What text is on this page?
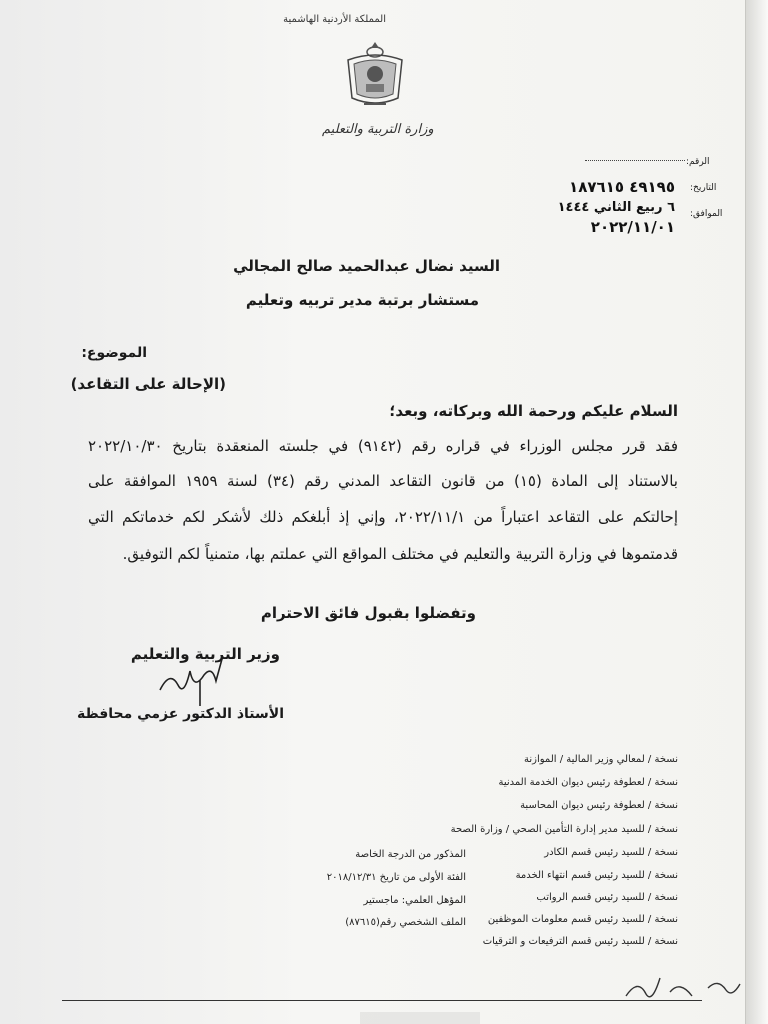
المملكة الأردنية الهاشمية
وزارة التربية والتعليم
الرقم:
التاريخ:
الموافق:
٤٩١٩٥ ١٨٧٦١٥
٦ ربيع الثاني ١٤٤٤
٢٠٢٢/١١/٠١
السيد نضال عبدالحميد صالح المجالي
مستشار برتبة مدير تربيه وتعليم
الموضوع:
(الإحالة على التقاعد)
السلام عليكم ورحمة الله وبركاته، وبعد؛
فقد قرر مجلس الوزراء في قراره رقم (٩١٤٢) في جلسته المنعقدة بتاريخ ٢٠٢٢/١٠/٣٠
بالاستناد إلى المادة (١٥) من قانون التقاعد المدني رقم (٣٤) لسنة ١٩٥٩ الموافقة على
إحالتكم على التقاعد اعتباراً من ٢٠٢٢/١١/١، وإني إذ أبلغكم ذلك لأشكر لكم خدماتكم التي
قدمتموها في وزارة التربية والتعليم في مختلف المواقع التي عملتم بها، متمنياً لكم التوفيق.
وتفضلوا بقبول فائق الاحترام
وزير التربية والتعليم
الأستاذ الدكتور عزمي محافظة
نسخة / لمعالي وزير المالية / الموازنة
نسخة / لعطوفة رئيس ديوان الخدمة المدنية
نسخة / لعطوفة رئيس ديوان المحاسبة
نسخة / للسيد مدير إدارة التأمين الصحي / وزارة الصحة
نسخة / للسيد رئيس قسم الكادر
نسخة / للسيد رئيس قسم انتهاء الخدمة
نسخة / للسيد رئيس قسم الرواتب
نسخة / للسيد رئيس قسم معلومات الموظفين
نسخة / للسيد رئيس قسم الترفيعات و الترقيات
المذكور من الدرجة الخاصة
الفئة الأولى من تاريخ ٢٠١٨/١٢/٣١
المؤهل العلمي: ماجستير
الملف الشخصي رقم(٨٧٦١٥)
